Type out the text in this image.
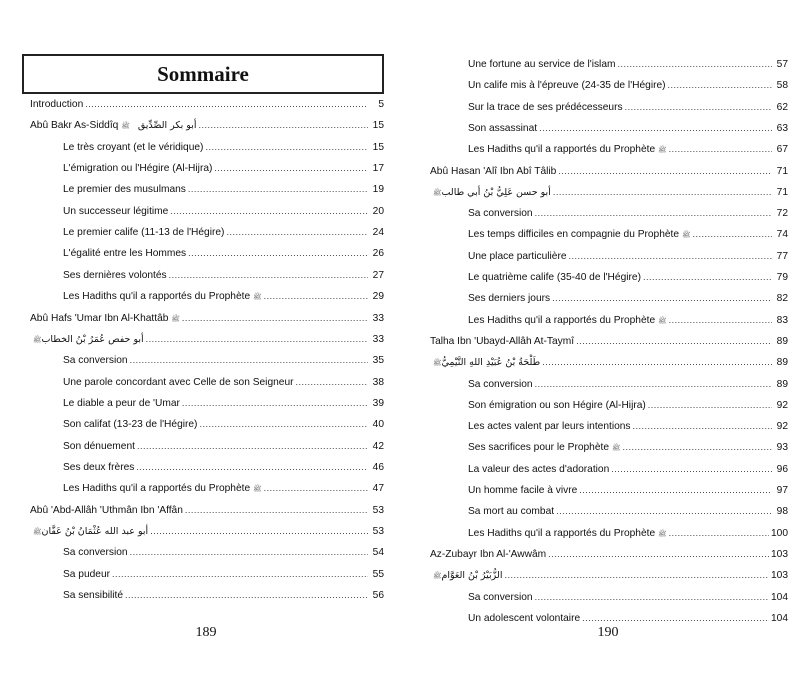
Sommaire
Introduction .....	5
Abû Bakr As-Siddîq ﷺ أبو بكر الصِّدِّيق .....	15
Le très croyant (et le véridique) .....	15
L'émigration ou l'Hégire (Al-Hijra) .....	17
Le premier des musulmans .....	19
Un successeur légitime .....	20
Le premier calife (11-13 de l'Hégire) .....	24
L'égalité entre les Hommes .....	26
Ses dernières volontés .....	27
Les Hadiths qu'il a rapportés du Prophète ﷺ .....	29
Abû Hafs 'Umar Ibn Al-Khattâb ﷺ .....	33
ﷺ أبو حفص عُمَرُ بْنُ الخطاب .....	33
Sa conversion .....	35
Une parole concordant avec Celle de son Seigneur .....	38
Le diable a peur de 'Umar .....	39
Son califat (13-23 de l'Hégire) .....	40
Son dénuement .....	42
Ses deux frères .....	46
Les Hadiths qu'il a rapportés du Prophète ﷺ .....	47
Abû 'Abd-Allâh 'Uthmân Ibn 'Affân .....	53
ﷺ أبو عبد الله عُثْمَانُ بْنُ عَفَّان .....	53
Sa conversion .....	54
Sa pudeur .....	55
Sa sensibilité .....	56
189
Une fortune au service de l'islam .....	57
Un calife mis à l'épreuve (24-35 de l'Hégire) .....	58
Sur la trace de ses prédécesseurs .....	62
Son assassinat .....	63
Les Hadiths qu'il a rapportés du Prophète ﷺ .....	67
Abû Hasan 'Alî Ibn Abî Tâlib .....	71
ﷺ أبو حسن عَلِيُّ بْنُ أبي طالب .....	71
Sa conversion .....	72
Les temps difficiles en compagnie du Prophète ﷺ .....	74
Une place particulière .....	77
Le quatrième calife (35-40 de l'Hégire) .....	79
Ses derniers jours .....	82
Les Hadiths qu'il a rapportés du Prophète ﷺ .....	83
Talha Ibn 'Ubayd-Allâh At-Taymî .....	89
ﷺ طَلْحَةُ بْنُ عُبَيْدِ اللهِ التَّيْمِيُّ .....	89
Sa conversion .....	89
Son émigration ou son Hégire (Al-Hijra) .....	92
Les actes valent par leurs intentions .....	92
Ses sacrifices pour le Prophète ﷺ .....	93
La valeur des actes d'adoration .....	96
Un homme facile à vivre .....	97
Sa mort au combat .....	98
Les Hadiths qu'il a rapportés du Prophète ﷺ .....	100
Az-Zubayr Ibn Al-'Awwâm .....	103
ﷺ الزُّبَيْرُ بْنُ العَوَّام .....	103
Sa conversion .....	104
Un adolescent volontaire .....	104
190
